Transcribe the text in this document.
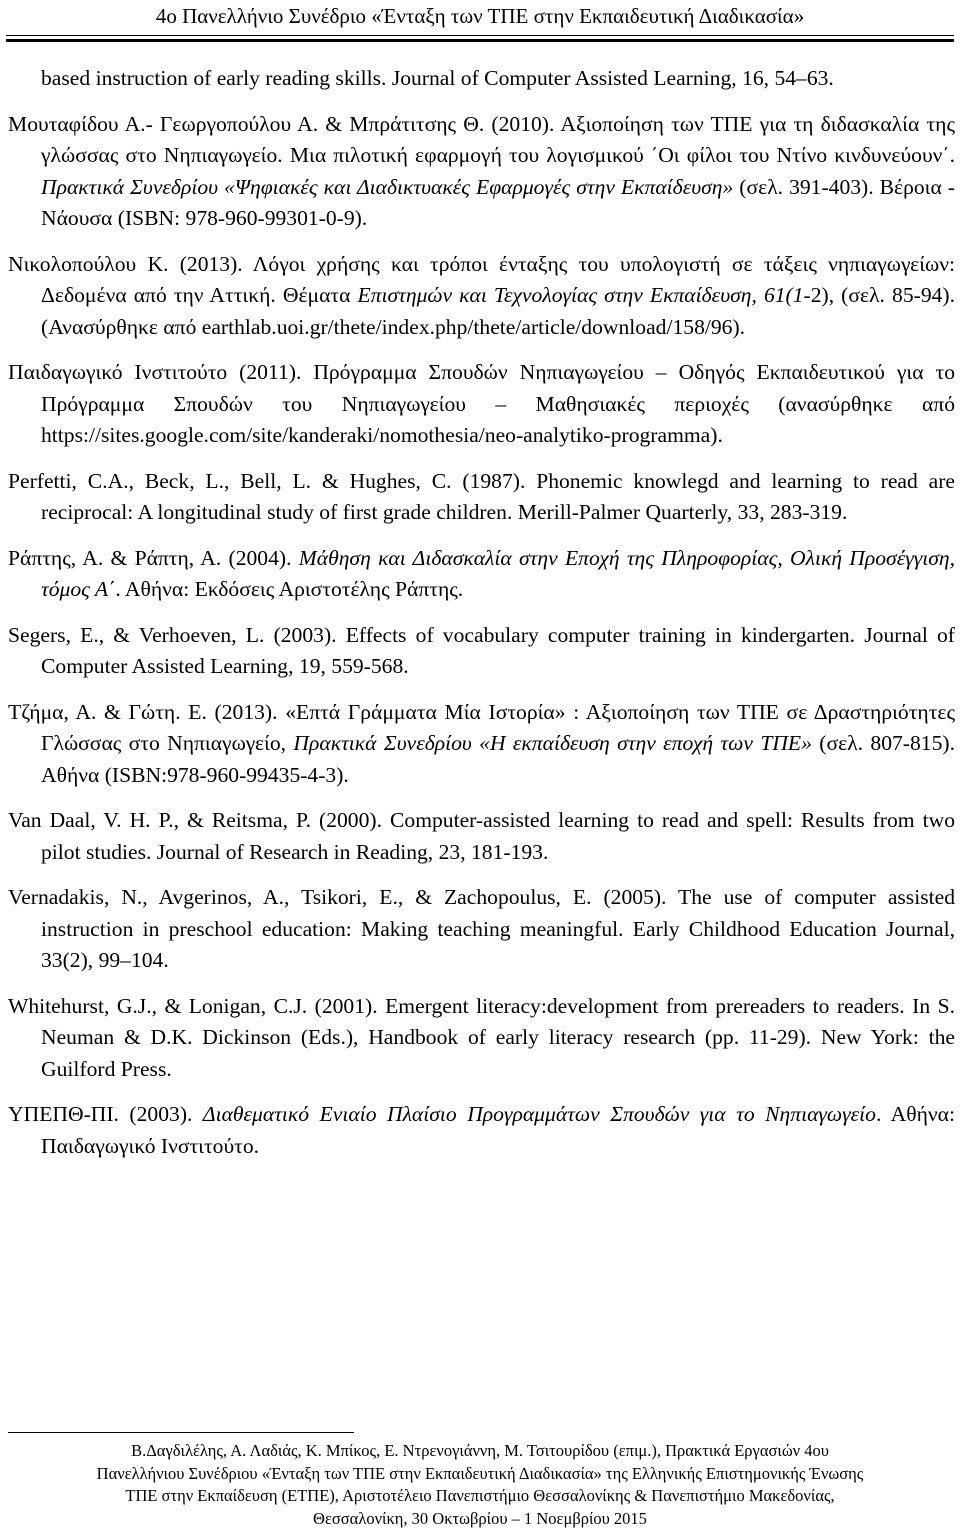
4ο Πανελλήνιο Συνέδριο «Ένταξη των ΤΠΕ στην Εκπαιδευτική Διαδικασία»
based instruction of early reading skills. Journal of Computer Assisted Learning, 16, 54–63.
Μουταφίδου Α.- Γεωργοπούλου Α. & Μπράτιτσης Θ. (2010). Αξιοποίηση των ΤΠΕ για τη διδασκαλία της γλώσσας στο Νηπιαγωγείο. Μια πιλοτική εφαρμογή του λογισμικού ΄Οι φίλοι του Ντίνο κινδυνεύουν΄. Πρακτικά Συνεδρίου «Ψηφιακές και Διαδικτυακές Εφαρμογές στην Εκπαίδευση» (σελ. 391-403). Βέροια - Νάουσα (ISBN: 978-960-99301-0-9).
Νικολοπούλου Κ. (2013). Λόγοι χρήσης και τρόποι ένταξης του υπολογιστή σε τάξεις νηπιαγωγείων: Δεδομένα από την Αττική. Θέματα Επιστημών και Τεχνολογίας στην Εκπαίδευση, 61(1-2), (σελ. 85-94). (Ανασύρθηκε από earthlab.uoi.gr/thete/index.php/thete/article/download/158/96).
Παιδαγωγικό Ινστιτούτο (2011). Πρόγραμμα Σπουδών Νηπιαγωγείου – Οδηγός Εκπαιδευτικού για το Πρόγραμμα Σπουδών του Νηπιαγωγείου – Μαθησιακές περιοχές (ανασύρθηκε από https://sites.google.com/site/kanderaki/nomothesia/neo-analytiko-programma).
Perfetti, C.A., Beck, L., Bell, L. & Hughes, C. (1987). Phonemic knowlegd and learning to read are reciprocal: A longitudinal study of first grade children. Merill-Palmer Quarterly, 33, 283-319.
Ράπτης, Α. & Ράπτη, Α. (2004). Μάθηση και Διδασκαλία στην Εποχή της Πληροφορίας, Ολική Προσέγγιση, τόμος Α΄. Αθήνα: Εκδόσεις Αριστοτέλης Ράπτης.
Segers, E., & Verhoeven, L. (2003). Effects of vocabulary computer training in kindergarten. Journal of Computer Assisted Learning, 19, 559-568.
Τζήμα, Α. & Γώτη. Ε. (2013). «Επτά Γράμματα Μία Ιστορία» : Αξιοποίηση των ΤΠΕ σε Δραστηριότητες Γλώσσας στο Νηπιαγωγείο, Πρακτικά Συνεδρίου «Η εκπαίδευση στην εποχή των ΤΠΕ» (σελ. 807-815). Αθήνα (ISBN:978-960-99435-4-3).
Van Daal, V. H. P., & Reitsma, P. (2000). Computer-assisted learning to read and spell: Results from two pilot studies. Journal of Research in Reading, 23, 181-193.
Vernadakis, N., Avgerinos, A., Tsikori, E., & Zachopoulus, E. (2005). The use of computer assisted instruction in preschool education: Making teaching meaningful. Early Childhood Education Journal, 33(2), 99–104.
Whitehurst, G.J., & Lonigan, C.J. (2001). Emergent literacy:development from prereaders to readers. In S. Neuman & D.K. Dickinson (Eds.), Handbook of early literacy research (pp. 11-29). New York: the Guilford Press.
ΥΠΕΠΘ-ΠΙ. (2003). Διαθεματικό Ενιαίο Πλαίσιο Προγραμμάτων Σπουδών για το Νηπιαγωγείο. Αθήνα: Παιδαγωγικό Ινστιτούτο.
Β.Δαγδιλέλης, Α. Λαδιάς, Κ. Μπίκος, Ε. Ντρενογιάννη, Μ. Τσιτουρίδου (επιμ.), Πρακτικά Εργασιών 4ου
Πανελλήνιου Συνέδριου «Ένταξη των ΤΠΕ στην Εκπαιδευτική Διαδικασία» της Ελληνικής Επιστημονικής Ένωσης
ΤΠΕ στην Εκπαίδευση (ΕΤΠΕ), Αριστοτέλειο Πανεπιστήμιο Θεσσαλονίκης & Πανεπιστήμιο Μακεδονίας,
Θεσσαλονίκη, 30 Οκτωβρίου – 1 Νοεμβρίου 2015
